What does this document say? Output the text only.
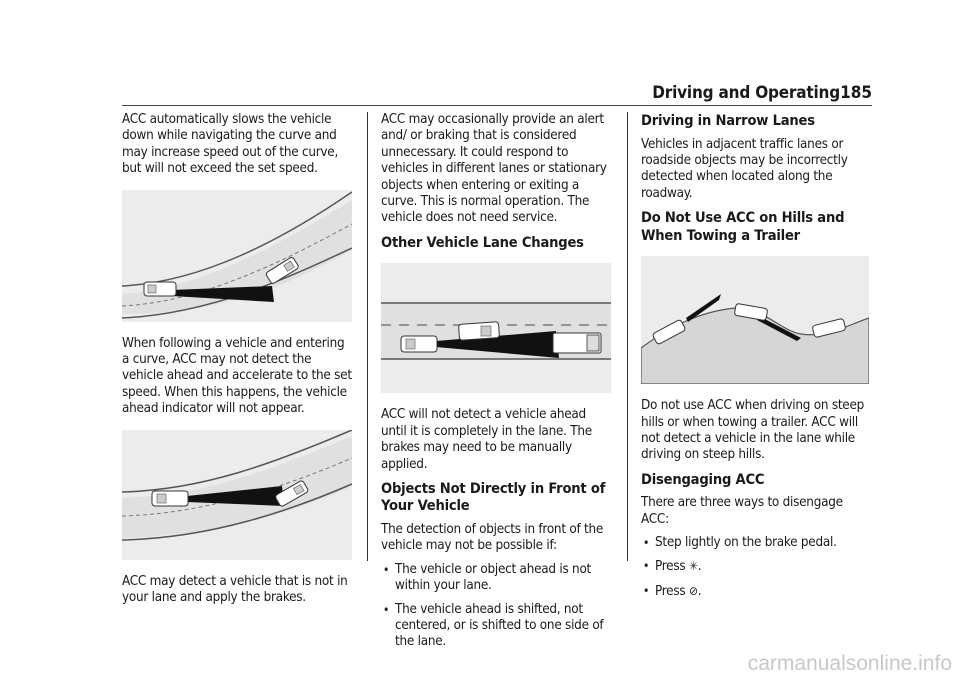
Driving and Operating 185

ACC automatically slows the vehicle down while navigating the curve and may increase speed out of the curve, but will not exceed the set speed.

When following a vehicle and entering a curve, ACC may not detect the vehicle ahead and accelerate to the set speed. When this happens, the vehicle ahead indicator will not appear.

ACC may detect a vehicle that is not in your lane and apply the brakes.

ACC may occasionally provide an alert and/ or braking that is considered unnecessary. It could respond to vehicles in different lanes or stationary objects when entering or exiting a curve. This is normal operation. The vehicle does not need service.

Other Vehicle Lane Changes

ACC will not detect a vehicle ahead until it is completely in the lane. The brakes may need to be manually applied.

Objects Not Directly in Front of Your Vehicle

The detection of objects in front of the vehicle may not be possible if:

• The vehicle or object ahead is not within your lane.
• The vehicle ahead is shifted, not centered, or is shifted to one side of the lane.
Driving in Narrow Lanes

Vehicles in adjacent traffic lanes or roadside objects may be incorrectly detected when located along the roadway.

Do Not Use ACC on Hills and When Towing a Trailer

Do not use ACC when driving on steep hills or when towing a trailer. ACC will not detect a vehicle in the lane while driving on steep hills.

Disengaging ACC

There are three ways to disengage ACC:

• Step lightly on the brake pedal.
• Press ✳.
• Press ⊘.
carmanualsonline.info
